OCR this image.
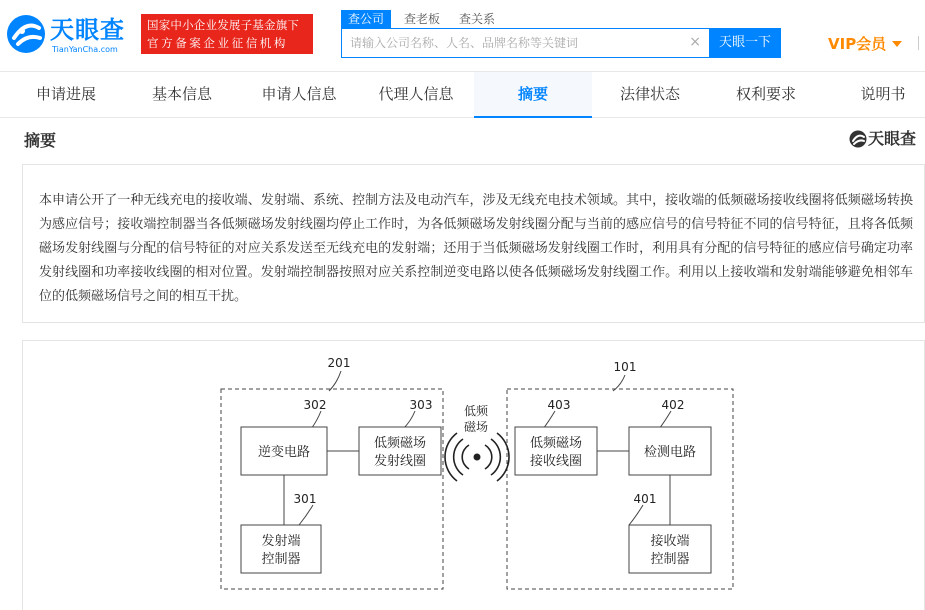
天眼查
TianYanCha.com
国家中小企业发展子基金旗下
官方备案企业征信机构
查公司	查老板 查关系
请输入公司名称、人名、品牌名称等关键词
×	天眼一下	VIP会员
申请进展	基本信息	申请人信息	代理人信息	摘要	法律状态	权利要求	说明书
摘要	天眼查
本申请公开了一种无线充电的接收端、发射端、系统、控制方法及电动汽车，涉及无线充电技术领域。其中，接收端的低频磁场接收线圈将低频磁场转换为感应信号；接收端控制器当各低频磁场发射线圈均停止工作时，为各低频磁场发射线圈分配与当前的感应信号的信号特征不同的信号特征，且将各低频磁场发射线圈与分配的信号特征的对应关系发送至无线充电的发射端；还用于当低频磁场发射线圈工作时，利用具有分配的信号特征的感应信号确定功率发射线圈和功率接收线圈的相对位置。发射端控制器按照对应关系控制逆变电路以使各低频磁场发射线圈工作。利用以上接收端和发射端能够避免相邻车位的低频磁场信号之间的相互干扰。
201	101
302	303
301
403	402
401
逆变电路
低频磁场
发射线圈
发射端
控制器
低频磁场
接收线圈
检测电路
接收端
控制器
低频
磁场
